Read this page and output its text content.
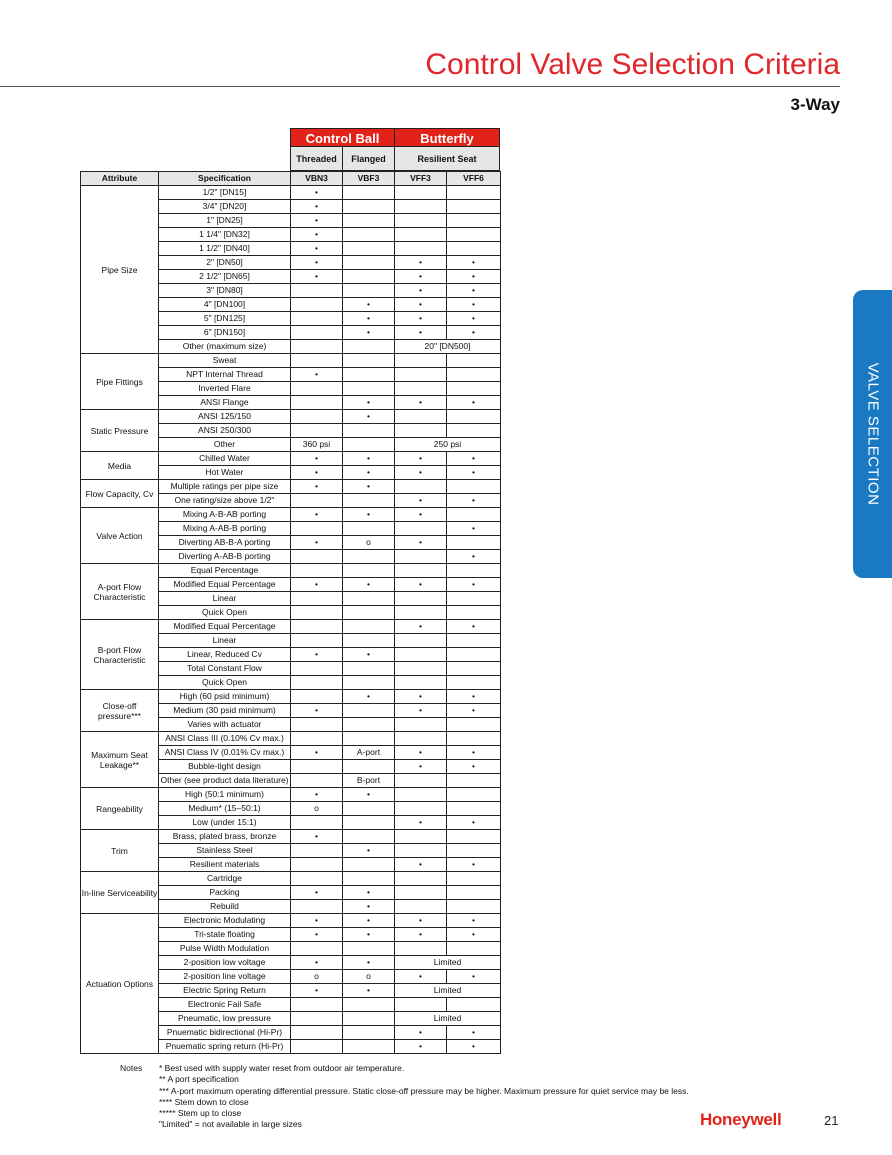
Control Valve Selection Criteria
3-Way
VALVE SELECTION
Control Ball	Butterfly
Threaded	Flanged	Resilient Seat
Attribute	Specification	VBN3	VBF3	VFF3	VFF6
Pipe Size	1/2" [DN15]	•			
	3/4" [DN20]	•			
	1" [DN25]	•			
	1 1/4" [DN32]	•			
	1 1/2" [DN40]	•			
	2" [DN50]	•		•	•
	2 1/2" [DN65]	•		•	•
	3" [DN80]			•	•
	4" [DN100]		•	•	•
	5" [DN125]		•	•	•
	6" [DN150]		•	•	•
	Other (maximum size)			20" [DN500]	
Pipe Fittings	Sweat				
	NPT Internal Thread	•			
	Inverted Flare				
	ANSI Flange		•	•	•
Static Pressure	ANSI 125/150		•		
	ANSI 250/300				
	Other	360 psi		250 psi	
Media	Chilled Water	•	•	•	•
	Hot Water	•	•	•	•
Flow Capacity, Cv	Multiple ratings per pipe size	•	•		
	One rating/size above 1/2"			•	•
Valve Action	Mixing A-B-AB porting	•	•	•	
	Mixing A-AB-B porting				•
	Diverting AB-B-A porting	•	o	•	
	Diverting A-AB-B porting				•
A-port Flow Characteristic	Equal Percentage				
	Modified Equal Percentage	•	•	•	•
	Linear				
	Quick Open				
B-port Flow Characteristic	Modified Equal Percentage			•	•
	Linear				
	Linear, Reduced Cv	•	•		
	Total Constant Flow				
	Quick Open				
Close-off pressure***	High (60 psid minimum)		•	•	•
	Medium (30 psid minimum)	•		•	•
	Varies with actuator				
Maximum Seat Leakage**	ANSI Class III (0.10% Cv max.)				
	ANSI Class IV (0.01% Cv max.)	•	A-port	•	•
	Bubble-tight design			•	•
	Other (see product data literature)		B-port		
Rangeability	High (50:1 minimum)	•	•		
	Medium* (15–50:1)	o			
	Low (under 15:1)			•	•
Trim	Brass, plated brass, bronze	•			
	Stainless Steel		•		
	Resilient materials			•	•
In-line Serviceability	Cartridge				
	Packing	•	•		
	Rebuild		•		
Actuation Options	Electronic Modulating	•	•	•	•
	Tri-state floating	•	•	•	•
	Pulse Width Modulation				
	2-position low voltage	•	•	Limited	
	2-position line voltage	o	o	•	•
	Electric Spring Return	•	•	Limited	
	Electronic Fail Safe				
	Pneumatic, low pressure			Limited	
	Pnuematic bidirectional (Hi-Pr)			•	•
	Pnuematic spring return (Hi-Pr)			•	•
Notes * Best used with supply water reset from outdoor air temperature.
** A port specification
*** A-port maximum operating differential pressure. Static close-off pressure may be higher. Maximum pressure for quiet service may be less.
**** Stem down to close
***** Stem up to close
"Limited" = not available in large sizes	Honeywell	21
